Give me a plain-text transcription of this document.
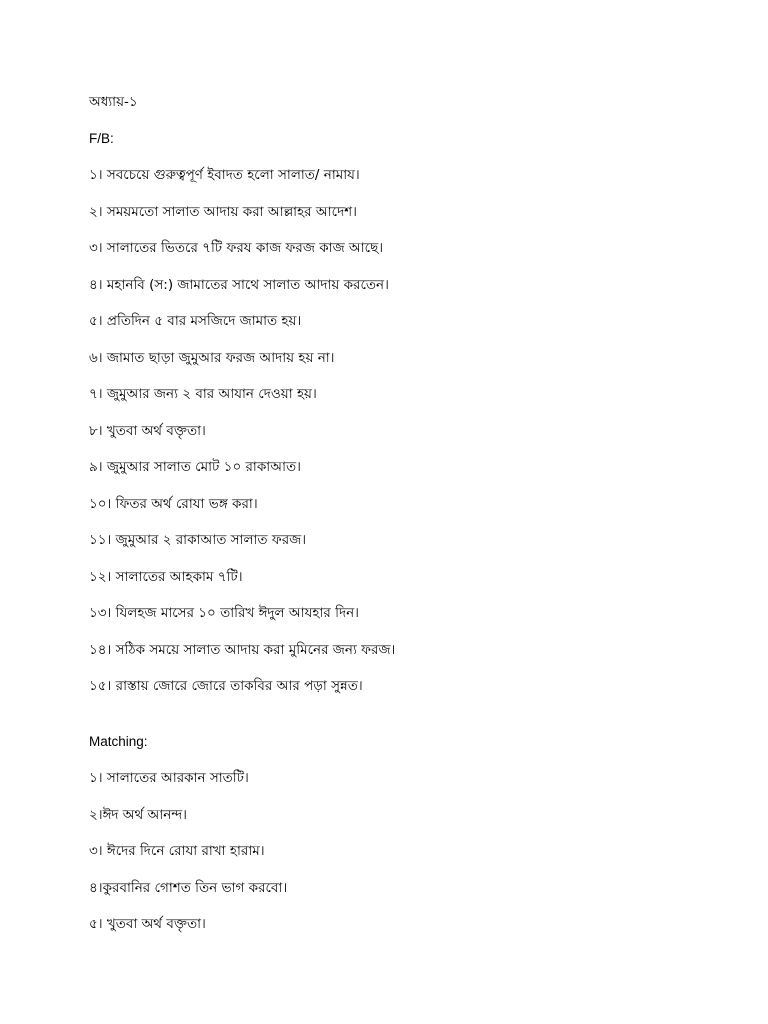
অধ্যায়-১
F/B:
১। সবচেয়ে গুরুত্বপূর্ণ ইবাদত হলো সালাত/ নামায।
২। সময়মতো সালাত আদায় করা আল্লাহর আদেশ।
৩। সালাতের ভিতরে ৭টি ফরয কাজ ফরজ কাজ আছে।
৪। মহানবি (স:) জামাতের সাথে সালাত আদায় করতেন।
৫। প্রতিদিন ৫ বার মসজিদে জামাত হয়।
৬। জামাত ছাড়া জুমুআর ফরজ আদায় হয় না।
৭। জুমুআর জন্য ২ বার আযান দেওয়া হয়।
৮। খুতবা অর্থ বক্তৃতা।
৯। জুমুআর সালাত মোট ১০ রাকাআত।
১০। ফিতর অর্থ রোযা ভঙ্গ করা।
১১। জুমুআর ২ রাকাআত সালাত ফরজ।
১২। সালাতের আহকাম ৭টি।
১৩। যিলহজ মাসের ১০ তারিখ ঈদুল আযহার দিন।
১৪। সঠিক সময়ে সালাত আদায় করা মুমিনের জন্য ফরজ।
১৫। রাস্তায় জোরে জোরে তাকবির আর পড়া সুন্নত।
Matching:
১। সালাতের আরকান সাতটি।
২।ঈদ অর্থ আনন্দ।
৩। ঈদের দিনে রোযা রাখা হারাম।
৪।কুরবানির গোশত তিন ভাগ করবো।
৫। খুতবা অর্থ বক্তৃতা।
